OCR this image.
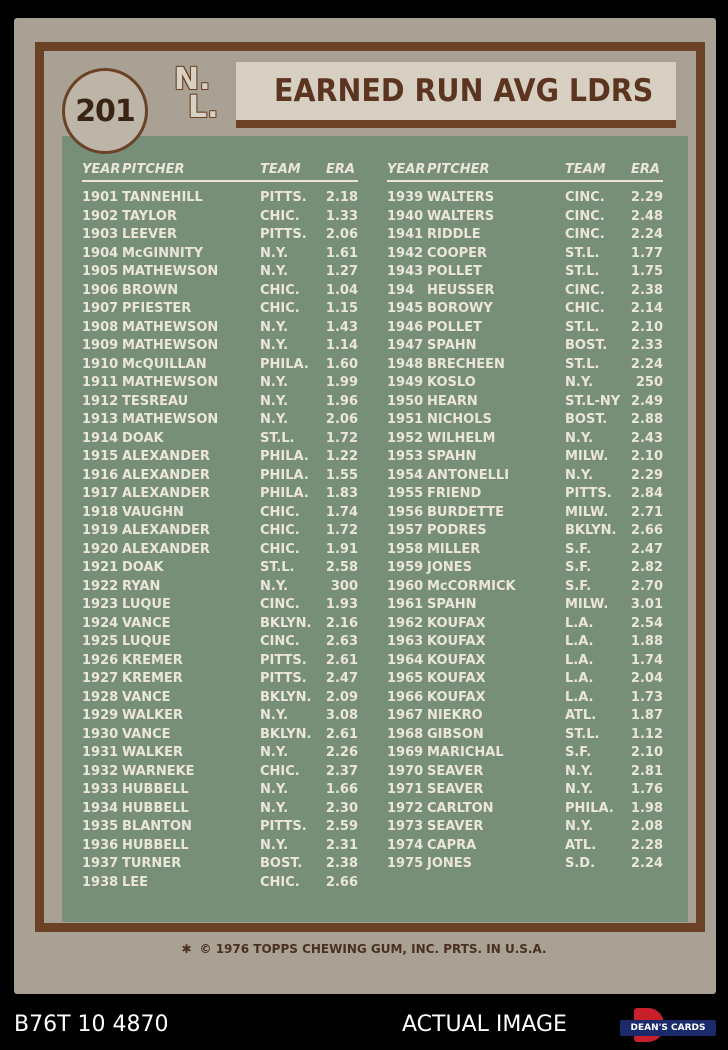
201
N.
L. EARNED RUN AVG LDRS
YEAR PITCHER	TEAM ERA
1901 TANNEHILL	PITTS. 2.18
1902 TAYLOR	CHIC. 1.33
1903 LEEVER	PITTS. 2.06
1904 McGINNITY	N.Y.	1.61
1905 MATHEWSON	N.Y.	1.27
1906 BROWN	CHIC. 1.04
1907 PFIESTER	CHIC. 1.15
1908 MATHEWSON	N.Y.	1.43
1909 MATHEWSON	N.Y.	1.14
1910 McQUILLAN	PHILA. 1.60
1911 MATHEWSON	N.Y.	1.99
1912 TESREAU	N.Y.	1.96
1913 MATHEWSON	N.Y.	2.06
1914 DOAK	ST.L. 1.72
1915 ALEXANDER	PHILA. 1.22
1916 ALEXANDER	PHILA. 1.55
1917 ALEXANDER	PHILA. 1.83
1918 VAUGHN	CHIC. 1.74
1919 ALEXANDER	CHIC. 1.72
1920 ALEXANDER	CHIC. 1.91
1921 DOAK	ST.L. 2.58
1922 RYAN	N.Y.	300
1923 LUQUE	CINC. 1.93
1924 VANCE	BKLYN. 2.16
1925 LUQUE	CINC. 2.63
1926 KREMER	PITTS. 2.61
1927 KREMER	PITTS. 2.47
1928 VANCE	BKLYN. 2.09
1929 WALKER	N.Y.	3.08
1930 VANCE	BKLYN. 2.61
1931 WALKER	N.Y.	2.26
1932 WARNEKE	CHIC. 2.37
1933 HUBBELL	N.Y.	1.66
1934 HUBBELL	N.Y.	2.30
1935 BLANTON	PITTS. 2.59
1936 HUBBELL	N.Y.	2.31
1937 TURNER	BOST. 2.38
1938 LEE	CHIC. 2.66
YEAR PITCHER	TEAM ERA
1939 WALTERS	CINC. 2.29
1940 WALTERS	CINC. 2.48
1941 RIDDLE	CINC. 2.24
1942 COOPER	ST.L. 1.77
1943 POLLET	ST.L. 1.75
194 HEUSSER	CINC. 2.38
1945 BOROWY	CHIC. 2.14
1946 POLLET	ST.L. 2.10
1947 SPAHN	BOST. 2.33
1948 BRECHEEN	ST.L. 2.24
1949 KOSLO	N.Y.	250
1950 HEARN	ST.L-NY 2.49
1951 NICHOLS	BOST. 2.88
1952 WILHELM	N.Y.	2.43
1953 SPAHN	MILW. 2.10
1954 ANTONELLI	N.Y.	2.29
1955 FRIEND	PITTS. 2.84
1956 BURDETTE	MILW. 2.71
1957 PODRES	BKLYN. 2.66
1958 MILLER	S.F.	2.47
1959 JONES	S.F.	2.82
1960 McCORMICK	S.F.	2.70
1961 SPAHN	MILW. 3.01
1962 KOUFAX	L.A.	2.54
1963 KOUFAX	L.A.	1.88
1964 KOUFAX	L.A.	1.74
1965 KOUFAX	L.A.	2.04
1966 KOUFAX	L.A.	1.73
1967 NIEKRO	ATL.	1.87
1968 GIBSON	ST.L. 1.12
1969 MARICHAL	S.F.	2.10
1970 SEAVER	N.Y.	2.81
1971 SEAVER	N.Y.	1.76
1972 CARLTON	PHILA. 1.98
1973 SEAVER	N.Y.	2.08
1974 CAPRA	ATL.	2.28
1975 JONES	S.D.	2.24
✱ © 1976 TOPPS CHEWING GUM, INC. PRTS. IN U.S.A.
B76T 10 4870	ACTUAL IMAGE	DEAN'S CARDS
